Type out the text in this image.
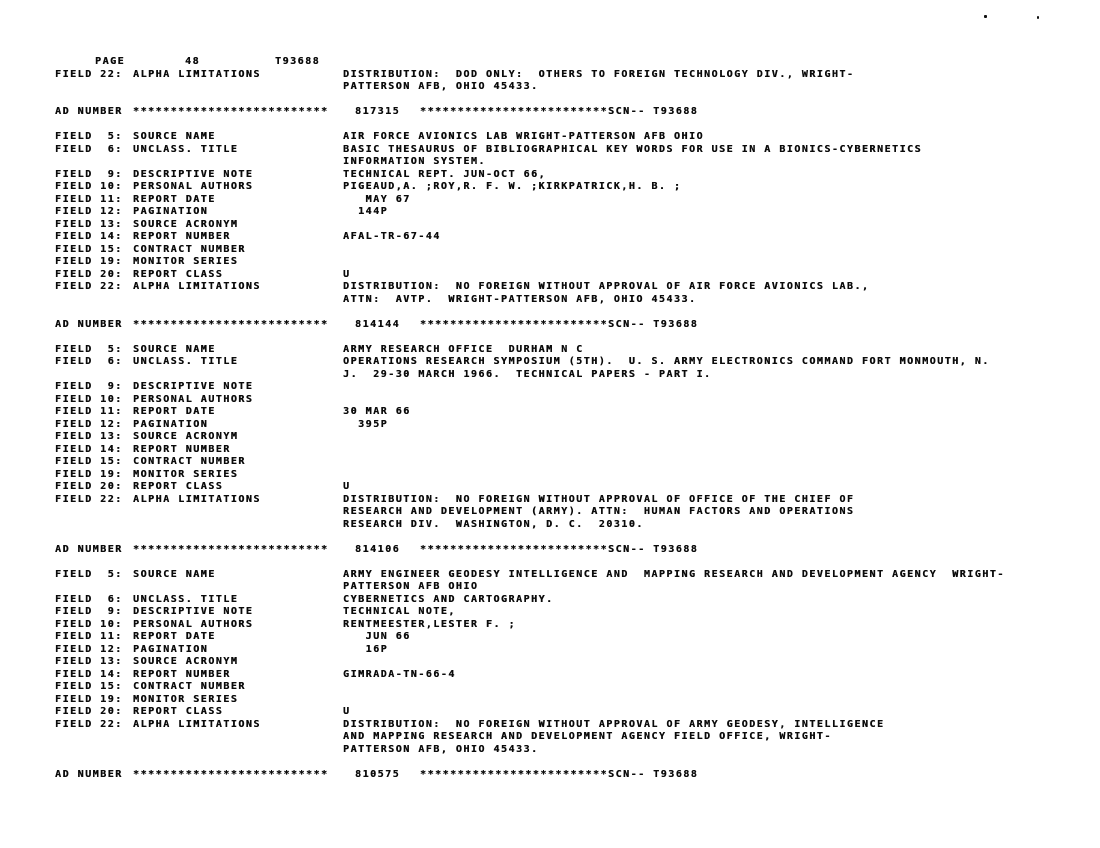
PAGE	48	T93688
FIELD 22:	ALPHA LIMITATIONS	DISTRIBUTION:  DOD ONLY:  OTHERS TO FOREIGN TECHNOLOGY DIV., WRIGHT-
PATTERSON AFB, OHIO 45433.

AD NUMBER	**************************	817315	*************************SCN-- T93688

FIELD  5:	SOURCE NAME	AIR FORCE AVIONICS LAB WRIGHT-PATTERSON AFB OHIO
FIELD  6:	UNCLASS. TITLE	BASIC THESAURUS OF BIBLIOGRAPHICAL KEY WORDS FOR USE IN A BIONICS-CYBERNETICS
INFORMATION SYSTEM.
FIELD  9:	DESCRIPTIVE NOTE	TECHNICAL REPT. JUN-OCT 66,
FIELD 10:	PERSONAL AUTHORS	PIGEAUD,A. ;ROY,R. F. W. ;KIRKPATRICK,H. B. ;
FIELD 11:	REPORT DATE	MAY 67
FIELD 12:	PAGINATION	144P
FIELD 13:	SOURCE ACRONYM
FIELD 14:	REPORT NUMBER	AFAL-TR-67-44
FIELD 15:	CONTRACT NUMBER
FIELD 19:	MONITOR SERIES
FIELD 20:	REPORT CLASS	U
FIELD 22:	ALPHA LIMITATIONS	DISTRIBUTION:  NO FOREIGN WITHOUT APPROVAL OF AIR FORCE AVIONICS LAB.,
ATTN:  AVTP.  WRIGHT-PATTERSON AFB, OHIO 45433.

AD NUMBER	**************************	814144	*************************SCN-- T93688

FIELD  5:	SOURCE NAME	ARMY RESEARCH OFFICE  DURHAM N C
FIELD  6:	UNCLASS. TITLE	OPERATIONS RESEARCH SYMPOSIUM (5TH).  U. S. ARMY ELECTRONICS COMMAND FORT MONMOUTH, N.
J.  29-30 MARCH 1966.  TECHNICAL PAPERS - PART I.
FIELD  9:	DESCRIPTIVE NOTE
FIELD 10:	PERSONAL AUTHORS
FIELD 11:	REPORT DATE	30 MAR 66
FIELD 12:	PAGINATION	395P
FIELD 13:	SOURCE ACRONYM
FIELD 14:	REPORT NUMBER
FIELD 15:	CONTRACT NUMBER
FIELD 19:	MONITOR SERIES
FIELD 20:	REPORT CLASS	U
FIELD 22:	ALPHA LIMITATIONS	DISTRIBUTION:  NO FOREIGN WITHOUT APPROVAL OF OFFICE OF THE CHIEF OF
RESEARCH AND DEVELOPMENT (ARMY). ATTN:  HUMAN FACTORS AND OPERATIONS
RESEARCH DIV.  WASHINGTON, D. C.  20310.

AD NUMBER	**************************	814106	*************************SCN-- T93688

FIELD  5:	SOURCE NAME	ARMY ENGINEER GEODESY INTELLIGENCE AND  MAPPING RESEARCH AND DEVELOPMENT AGENCY  WRIGHT-
PATTERSON AFB OHIO
FIELD  6:	UNCLASS. TITLE	CYBERNETICS AND CARTOGRAPHY.
FIELD  9:	DESCRIPTIVE NOTE	TECHNICAL NOTE,
FIELD 10:	PERSONAL AUTHORS	RENTMEESTER,LESTER F. ;
FIELD 11:	REPORT DATE	JUN 66
FIELD 12:	PAGINATION	16P
FIELD 13:	SOURCE ACRONYM
FIELD 14:	REPORT NUMBER	GIMRADA-TN-66-4
FIELD 15:	CONTRACT NUMBER
FIELD 19:	MONITOR SERIES
FIELD 20:	REPORT CLASS	U
FIELD 22:	ALPHA LIMITATIONS	DISTRIBUTION:  NO FOREIGN WITHOUT APPROVAL OF ARMY GEODESY, INTELLIGENCE
AND MAPPING RESEARCH AND DEVELOPMENT AGENCY FIELD OFFICE, WRIGHT-
PATTERSON AFB, OHIO 45433.

AD NUMBER	**************************	810575	*************************SCN-- T93688
